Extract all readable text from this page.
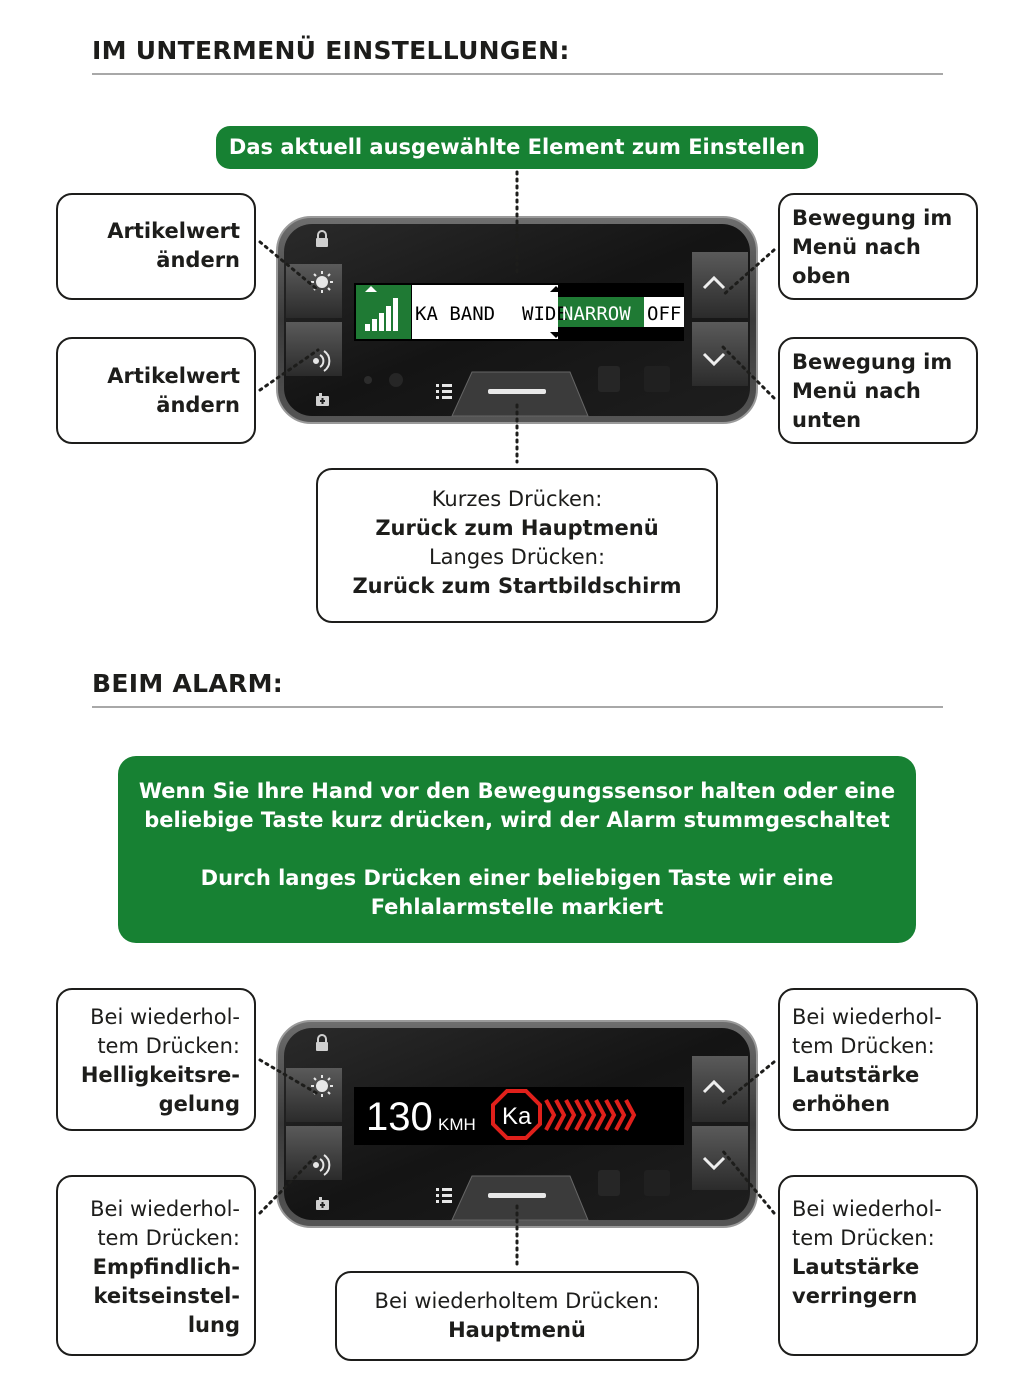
IM UNTERMENÜ EINSTELLUNGEN:
Das aktuell ausgewählte Element zum Einstellen
Artikelwert
ändern
Artikelwert
ändern
Bewegung im
Menü nach
oben
Bewegung im
Menü nach
unten
Kurzes Drücken:
Zurück zum Hauptmenü
Langes Drücken:
Zurück zum Startbildschirm
KA BAND WIDE
NARROW OFF
BEIM ALARM:
Wenn Sie Ihre Hand vor den Bewegungssensor halten oder eine
beliebige Taste kurz drücken, wird der Alarm stummgeschaltet
Durch langes Drücken einer beliebigen Taste wir eine
Fehlalarmstelle markiert
Bei wiederhol-
tem Drücken:
Helligkeitsre-
gelung
Bei wiederhol-
tem Drücken:
Empfindlich-
keitseinstel-
lung
Bei wiederhol-
tem Drücken:
Lautstärke
erhöhen
Bei wiederhol-
tem Drücken:
Lautstärke
verringern
Bei wiederholtem Drücken:
Hauptmenü
130 KMH Ka
